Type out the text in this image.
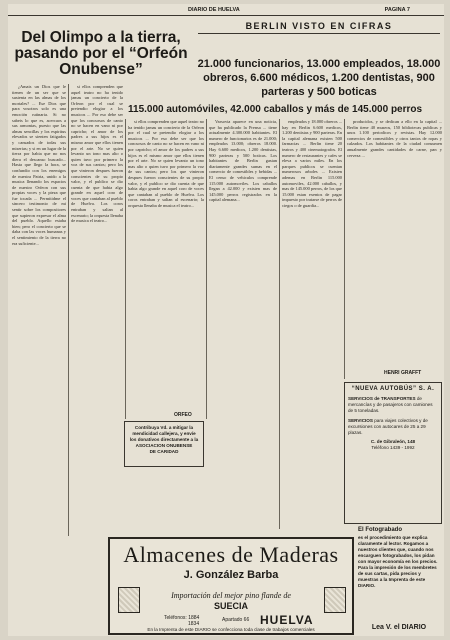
DIARIO DE HUELVA	PAGINA 7
Del Olimpo a la tierra,
pasando por el “Orfeón
Onubense”
BERLIN VISTO EN CIFRAS
21.000 funcionarios, 13.000 empleados, 18.000 obreros, 6.600 médicos, 1.200 dentistas, 900 parteras y 500 boticas
115.000 automóviles, 42.000 caballos y más de 145.000 perros

¿Amais un Dios que le tienen de un ser que se sustenta en las almas de los mortales? ... Ese Dios que para vosotros solo es una emoción rutinaria. Si no sabeis lo que es, acercaos a sus armonias, puesto que las almas sencillas y los espiritus elevados se sienten fatigados y cansados de todas sus miserias; y si en un lugar de la tierra por habia que no nos diera el descanso buscado... Hasta que llego la hora, se confundio con los enemigos de nuestra Patria, unido a la musica llenando los espacios de nuestro Orfeon con sus propias voces y la pieza que fue tocada ... Permitidme el sincero testimonio de mi sentir sobre los compositores que supieron expresar el alma del pueblo. Aquello estaba bien; pero el concierto que se daba con las voces humanas y el sentimiento de la tierra no era suficiente...

si ellos comprenden que aquel teatro no ha tenido jamas un concierto de la Orfeon por el cual se pretendio elogiar a los musicos ... Por eso debe ser que los concursos de canto no se hacen en vano ni por capricho; el amor de los padres a sus hijos es el mismo amor que ellos tienen por el arte. No se quien levanto un tono mas alto o quien tuvo por primero la voz de sus cantos; pero los que vinieron despues fueron conscientes de su propio valor, y el publico se dio cuenta de que habia algo grande en aquel coro de voces que cantaban al pueblo de Huelva. Los coros entraban y salian al escenario; la orquesta llenaba de musica el teatro...

si ellos comprenden que aquel teatro no ha tenido jamas un concierto de la Orfeon por el cual se pretendio elogiar a los musicos ... Por eso debe ser que los concursos de canto no se hacen en vano ni por capricho; el amor de los padres a sus hijos es el mismo amor que ellos tienen por el arte. No se quien levanto un tono mas alto o quien tuvo por primero la voz de sus cantos; pero los que vinieron despues fueron conscientes de su propio valor, y el publico se dio cuenta de que habia algo grande en aquel coro de voces que cantaban al pueblo de Huelva. Los coros entraban y salian al escenario; la orquesta llenaba de musica el teatro...

Varsovia aparece en una noticia, que ha publicado la Prensa ... tiene actualmente 4.300.000 habitantes. El numero de funcionarios es de 21.000; empleados 13.000; obreros 18.000. Hay 6.600 medicos, 1.200 dentistas, 900 parteras y 500 boticas. Los habitantes de Berlin gastan diariamente grandes sumas en el comercio de comestibles y bebidas ... El censo de vehiculos comprende 115.000 automoviles. Los caballos llegan a 42.000 y existen mas de 145.000 perros registrados en la capital alemana...

empleados y 18.000 obreros ... hay en Berlin 6.600 medicos, 1.200 dentistas y 900 parteras. En la capital alemana existen 500 farmacias ... Berlin tiene 20 teatros y 400 cinematografos. El numero de restaurantes y cafes se eleva a varios miles. En los parques publicos se cuentan numerosos arboles ... Existen ademas en Berlin 115.000 automoviles, 42.000 caballos, y mas de 145.000 perros, de los que 15.000 estan exentos de pagar impuesto por tratarse de perros de ciegos o de guardia...

producidos, y se dedican a ello en la capital ... Berlin tiene 40 museos, 150 bibliotecas publicas y unos 1.100 periodicos y revistas. Hay 12.000 comercios de comestibles y otros tantos de ropas y calzados. Los habitantes de la ciudad consumen anualmente grandes cantidades de carne, pan y cerveza ...

ORFEO
HENRI GRAFFT
Contribuya Vd. a mitigar la
mendicidad callejera, y envíe
los donativos directamente a la
ASOCIACION ONUBENSE
DE CARIDAD
Almacenes de Maderas
J. González Barba
Importación del mejor pino flande de
SUECIA
Teléfonos: 1884
1834
Apartado 66 HUELVA
En la Imprenta de este DIARIO se confecciona toda clase de trabajos comerciales
“NUEVA AUTOBÚS” S. A.
SERVICIOS de TRANSPORTES de mercancías y de pasajeros con camiones de 5 toneladas.
SERVICIOS para viajes colectivos y de excursiones con autocares de 25 a 29 plazas.
C. de Gibraleón, 148
Teléfono 1439 - 1992
El Fotograbado
es el procedimiento que explica claramente al lector. Rogamos a nuestros clientes que, cuando nos encarguen fotograbados, los pidan con mayor economía en los precios. Para la impresión de los membretes de sus cartas, pida precios y muestras a la Imprenta de este DIARIO.
Lea V. el DIARIO
